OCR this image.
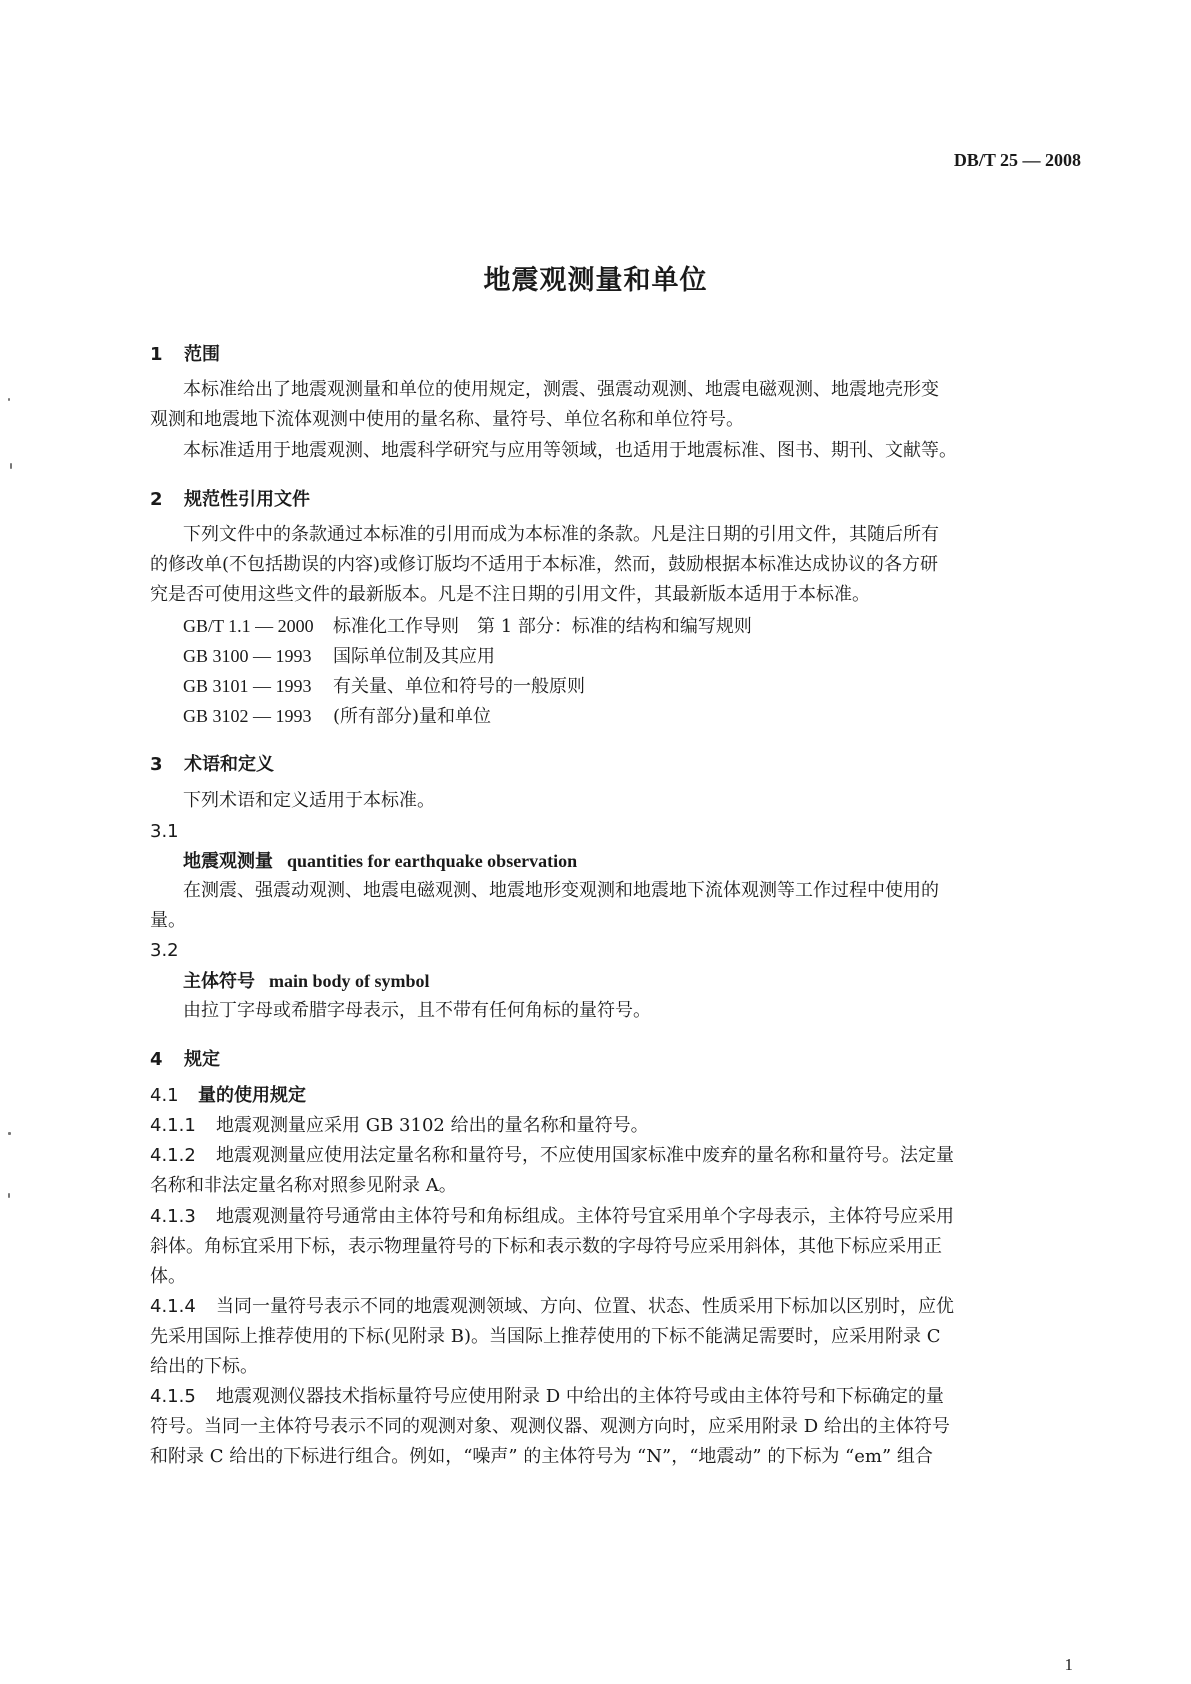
DB/T 25 — 2008
地震观测量和单位
1 范围
本标准给出了地震观测量和单位的使用规定，测震、强震动观测、地震电磁观测、地震地壳形变
观测和地震地下流体观测中使用的量名称、量符号、单位名称和单位符号。
本标准适用于地震观测、地震科学研究与应用等领域，也适用于地震标准、图书、期刊、文献等。
2 规范性引用文件
下列文件中的条款通过本标准的引用而成为本标准的条款。凡是注日期的引用文件，其随后所有
的修改单(不包括勘误的内容)或修订版均不适用于本标准，然而，鼓励根据本标准达成协议的各方研
究是否可使用这些文件的最新版本。凡是不注日期的引用文件，其最新版本适用于本标准。
GB/T 1.1 — 2000 标准化工作导则　第 1 部分：标准的结构和编写规则
GB 3100 — 1993 国际单位制及其应用
GB 3101 — 1993 有关量、单位和符号的一般原则
GB 3102 — 1993 (所有部分)量和单位
3 术语和定义
下列术语和定义适用于本标准。
3.1
地震观测量 quantities for earthquake observation
在测震、强震动观测、地震电磁观测、地震地形变观测和地震地下流体观测等工作过程中使用的
量。
3.2
主体符号 main body of symbol
由拉丁字母或希腊字母表示，且不带有任何角标的量符号。
4 规定
4.1 量的使用规定
4.1.1 地震观测量应采用 GB 3102 给出的量名称和量符号。
4.1.2 地震观测量应使用法定量名称和量符号，不应使用国家标准中废弃的量名称和量符号。法定量
名称和非法定量名称对照参见附录 A。
4.1.3 地震观测量符号通常由主体符号和角标组成。主体符号宜采用单个字母表示，主体符号应采用
斜体。角标宜采用下标，表示物理量符号的下标和表示数的字母符号应采用斜体，其他下标应采用正
体。
4.1.4 当同一量符号表示不同的地震观测领域、方向、位置、状态、性质采用下标加以区别时，应优
先采用国际上推荐使用的下标(见附录 B)。当国际上推荐使用的下标不能满足需要时，应采用附录 C
给出的下标。
4.1.5 地震观测仪器技术指标量符号应使用附录 D 中给出的主体符号或由主体符号和下标确定的量
符号。当同一主体符号表示不同的观测对象、观测仪器、观测方向时，应采用附录 D 给出的主体符号
和附录 C 给出的下标进行组合。例如，“噪声” 的主体符号为 “N”，“地震动” 的下标为 “em” 组合
1
